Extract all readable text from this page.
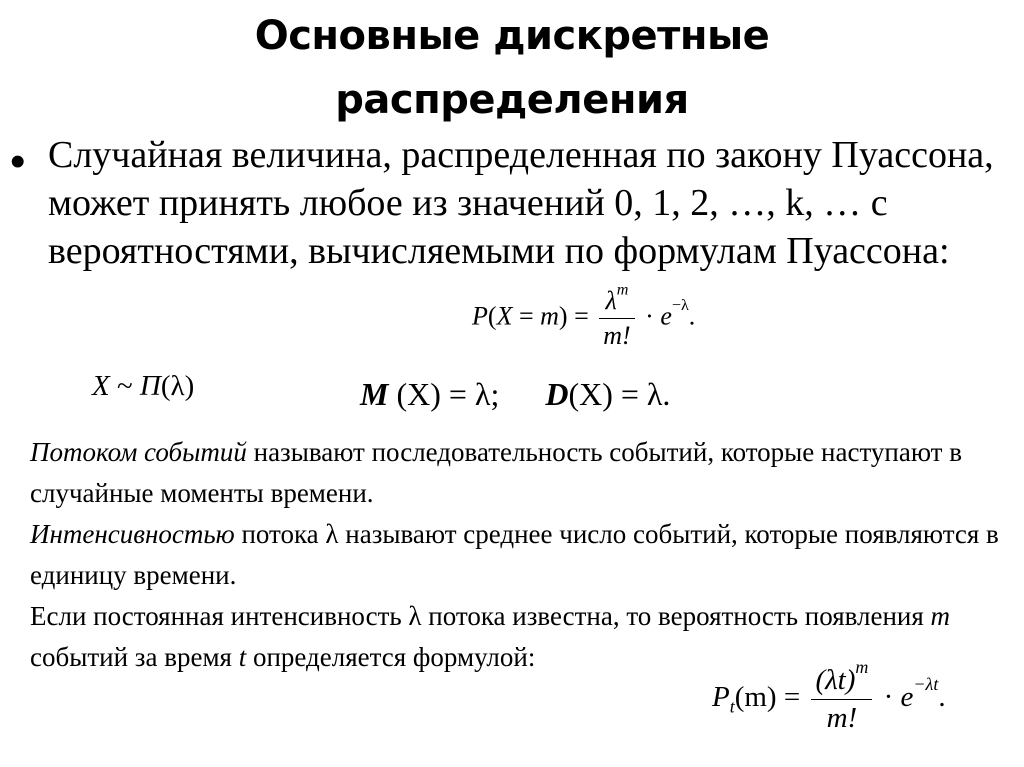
Основные дискретные
распределения
• Случайная величина, распределенная по закону Пуассона, может принять любое из значений 0, 1, 2, …, k, … с вероятностями, вычисляемыми по формулам Пуассона:
$P(X = m) = \frac{\lambda^m}{m!} \cdot e^{-\lambda}$.
X ~ Π(λ)	M (X) = λ; D(X) = λ.

Потоком событий называют последовательность событий, которые наступают в случайные моменты времени.

Интенсивностью потока λ называют среднее число событий, которые появляются в единицу времени.

Если постоянная интенсивность λ потока известна, то вероятность появления m событий за время t определяется формулой:

$P_t(m) = \frac{(\lambda t)^m}{m!} \cdot e^{-\lambda t}$.
